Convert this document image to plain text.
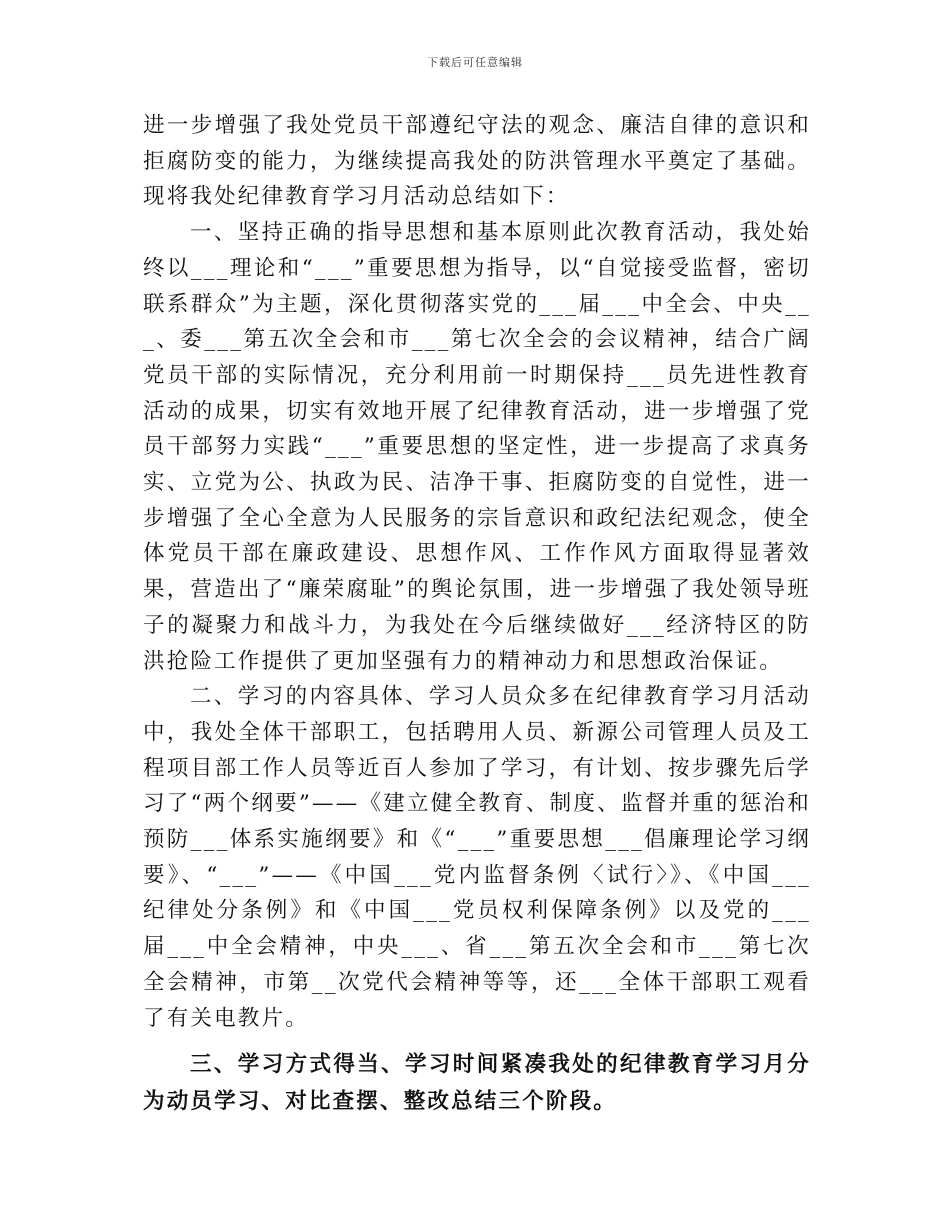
下载后可任意编辑

进一步增强了我处党员干部遵纪守法的观念、廉洁自律的意识和拒腐防变的能力，为继续提高我处的防洪管理水平奠定了基础。现将我处纪律教育学习月活动总结如下：

一、坚持正确的指导思想和基本原则此次教育活动，我处始终以___理论和“___”重要思想为指导，以“自觉接受监督，密切联系群众”为主题，深化贯彻落实党的___届___中全会、中央___、委___第五次全会和市___第七次全会的会议精神，结合广阔党员干部的实际情况，充分利用前一时期保持___员先进性教育活动的成果，切实有效地开展了纪律教育活动，进一步增强了党员干部努力实践“___”重要思想的坚定性，进一步提高了求真务实、立党为公、执政为民、洁净干事、拒腐防变的自觉性，进一步增强了全心全意为人民服务的宗旨意识和政纪法纪观念，使全体党员干部在廉政建设、思想作风、工作作风方面取得显著效果，营造出了“廉荣腐耻”的舆论氛围，进一步增强了我处领导班子的凝聚力和战斗力，为我处在今后继续做好___经济特区的防洪抢险工作提供了更加坚强有力的精神动力和思想政治保证。

二、学习的内容具体、学习人员众多在纪律教育学习月活动中，我处全体干部职工，包括聘用人员、新源公司管理人员及工程项目部工作人员等近百人参加了学习，有计划、按步骤先后学习了“两个纲要”——《建立健全教育、制度、监督并重的惩治和预防___体系实施纲要》和《“___”重要思想___倡廉理论学习纲要》、“___”——《中国___党内监督条例〈试行〉》、《中国___纪律处分条例》和《中国___党员权利保障条例》以及党的___届___中全会精神，中央___、省___第五次全会和市___第七次全会精神，市第__次党代会精神等等，还___全体干部职工观看了有关电教片。

三、学习方式得当、学习时间紧凑我处的纪律教育学习月分为动员学习、对比查摆、整改总结三个阶段。
